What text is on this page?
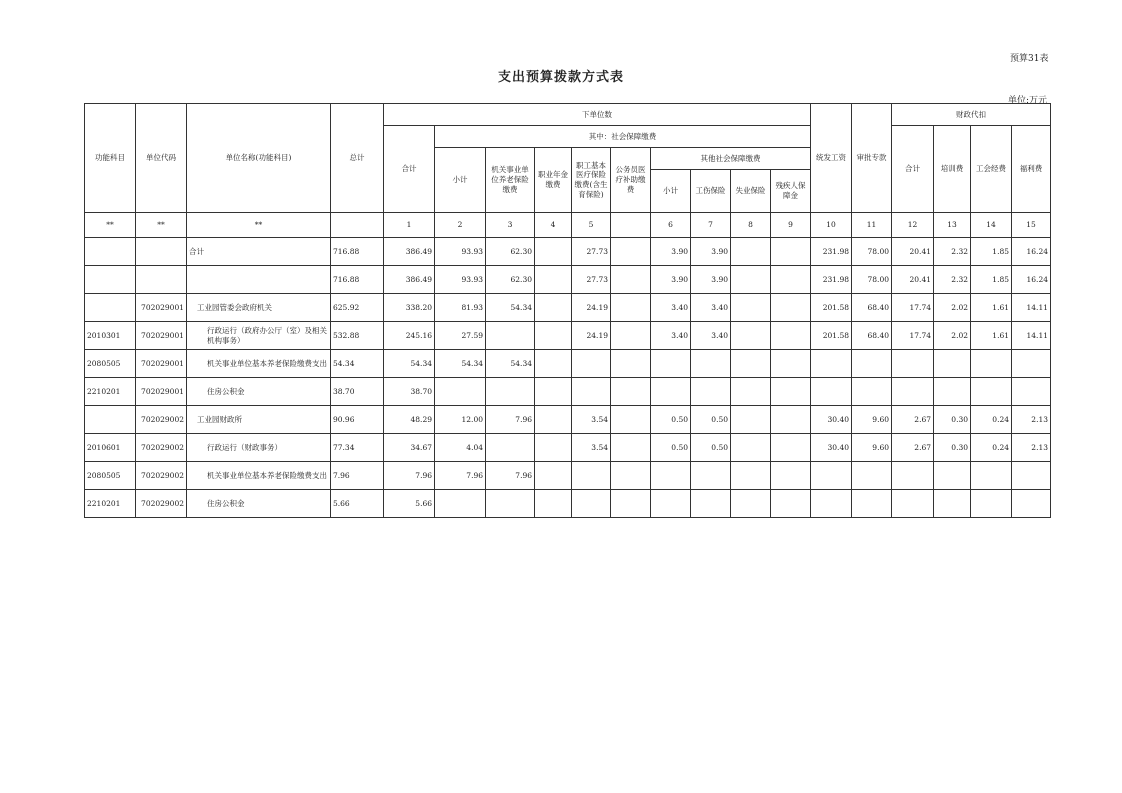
预算31表
支出预算拨款方式表
单位:万元
功能科目	单位代码	单位名称(功能科目)	总计	下单位数										统发工资	审批专款	财政代扣			
				合计	其中：社会保障缴费											合计	培训费	工会经费	福利费
					小计	机关事业单位养老保险缴费	职业年金缴费	职工基本医疗保险缴费(含生育保险)	公务员医疗补助缴费	其他社会保障缴费									
										小计	工伤保险	失业保险	残疾人保障金						
**	**	**		1	2	3	4	5		6	7	8	9	10	11	12	13	14	15
		合计	716.88	386.49	93.93	62.30		27.73		3.90	3.90			231.98	78.00	20.41	2.32	1.85	16.24
			716.88	386.49	93.93	62.30		27.73		3.90	3.90			231.98	78.00	20.41	2.32	1.85	16.24
	702029001	工业园管委会政府机关	625.92	338.20	81.93	54.34		24.19		3.40	3.40			201.58	68.40	17.74	2.02	1.61	14.11
2010301	702029001	行政运行（政府办公厅（室）及相关机构事务）	532.88	245.16	27.59			24.19		3.40	3.40			201.58	68.40	17.74	2.02	1.61	14.11
2080505	702029001	机关事业单位基本养老保险缴费支出	54.34	54.34	54.34	54.34													
2210201	702029001	住房公积金	38.70	38.70															
	702029002	工业园财政所	90.96	48.29	12.00	7.96		3.54		0.50	0.50			30.40	9.60	2.67	0.30	0.24	2.13
2010601	702029002	行政运行（财政事务）	77.34	34.67	4.04			3.54		0.50	0.50			30.40	9.60	2.67	0.30	0.24	2.13
2080505	702029002	机关事业单位基本养老保险缴费支出	7.96	7.96	7.96	7.96													
2210201	702029002	住房公积金	5.66	5.66															
